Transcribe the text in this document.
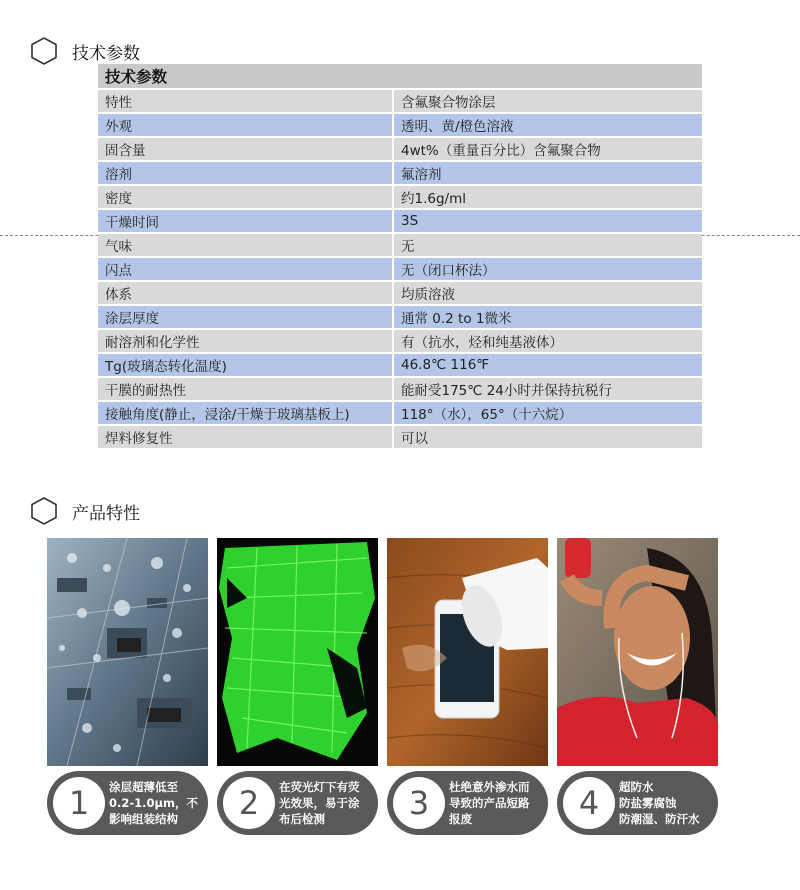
技术参数
技术参数	
特性	含氟聚合物涂层
外观	透明、黄/橙色溶液
固含量	4wt%（重量百分比）含氟聚合物
溶剂	氟溶剂
密度	约1.6g/ml
干燥时间	3S
气味	无
闪点	无（闭口杯法）
体系	均质溶液
涂层厚度	通常 0.2 to 1微米
耐溶剂和化学性	有（抗水，烃和纯基液体）
Tg(玻璃态转化温度)	46.8℃ 116℉
干膜的耐热性	能耐受175℃ 24小时并保持抗税行
接触角度(静止，浸涂/干燥于玻璃基板上)	118°（水），65°（十六烷）
焊料修复性	可以
产品特性
1	涂层超薄低至
0.2-1.0μm，不
影响组装结构	2	在荧光灯下有荧
光效果，易于涂
布后检测	3	杜绝意外渗水而
导致的产品短路
报废	4	超防水
防盐雾腐蚀
防潮湿、防汗水
